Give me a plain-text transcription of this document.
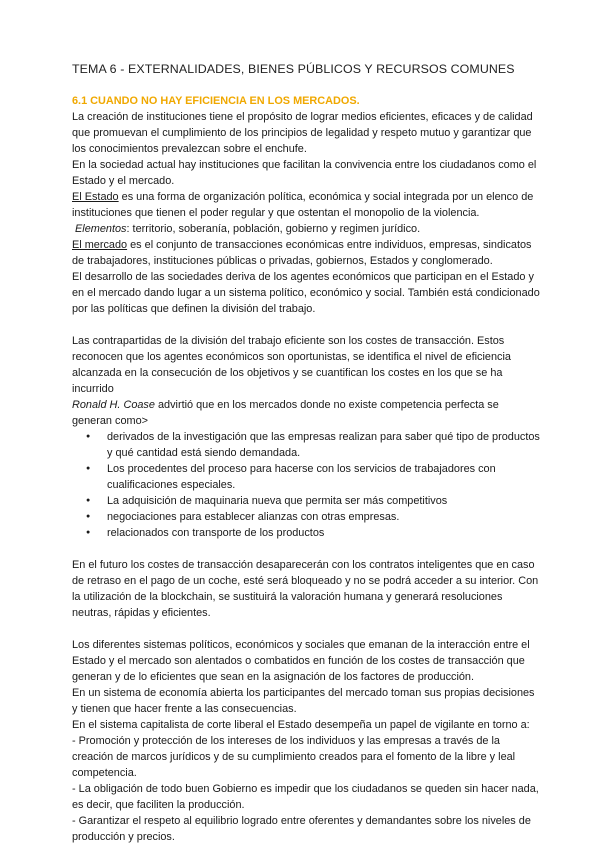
TEMA 6 - EXTERNALIDADES, BIENES PÚBLICOS Y RECURSOS COMUNES
6.1 CUANDO NO HAY EFICIENCIA EN LOS MERCADOS.

La creación de instituciones tiene el propósito de lograr medios eficientes, eficaces y de calidad que promuevan el cumplimiento de los principios de legalidad y respeto mutuo y garantizar que los conocimientos prevalezcan sobre el enchufe.

En la sociedad actual hay instituciones que facilitan la convivencia entre los ciudadanos como el Estado y el mercado.

El Estado es una forma de organización política, económica y social integrada por un elenco de instituciones que tienen el poder regular y que ostentan el monopolio de la violencia.

Elementos: territorio, soberanía, población, gobierno y regimen jurídico.

El mercado es el conjunto de transacciones económicas entre individuos, empresas, sindicatos de trabajadores, instituciones públicas o privadas, gobiernos, Estados y conglomerado.

El desarrollo de las sociedades deriva de los agentes económicos que participan en el Estado y en el mercado dando lugar a un sistema político, económico y social. También está condicionado por las políticas que definen la división del trabajo.

Las contrapartidas de la división del trabajo eficiente son los costes de transacción. Estos reconocen que los agentes económicos son oportunistas, se identifica el nivel de eficiencia alcanzada en la consecución de los objetivos y se cuantifican los costes en los que se ha incurrido

Ronald H. Coase advirtió que en los mercados donde no existe competencia perfecta se generan como>

● derivados de la investigación que las empresas realizan para saber qué tipo de productos y qué cantidad está siendo demandada.
● Los procedentes del proceso para hacerse con los servicios de trabajadores con cualificaciones especiales.
● La adquisición de maquinaria nueva que permita ser más competitivos
● negociaciones para establecer alianzas con otras empresas.
● relacionados con transporte de los productos

En el futuro los costes de transacción desaparecerán con los contratos inteligentes que en caso de retraso en el pago de un coche, esté será bloqueado y no se podrá acceder a su interior. Con la utilización de la blockchain, se sustituirá la valoración humana y generará resoluciones neutras, rápidas y eficientes.

Los diferentes sistemas políticos, económicos y sociales que emanan de la interacción entre el Estado y el mercado son alentados o combatidos en función de los costes de transacción que generan y de lo eficientes que sean en la asignación de los factores de producción.

En un sistema de economía abierta los participantes del mercado toman sus propias decisiones y tienen que hacer frente a las consecuencias.

En el sistema capitalista de corte liberal el Estado desempeña un papel de vigilante en torno a:

- Promoción y protección de los intereses de los individuos y las empresas a través de la creación de marcos jurídicos y de su cumplimiento creados para el fomento de la libre y leal competencia.

- La obligación de todo buen Gobierno es impedir que los ciudadanos se queden sin hacer nada, es decir, que faciliten la producción.

- Garantizar el respeto al equilibrio logrado entre oferentes y demandantes sobre los niveles de producción y precios.
